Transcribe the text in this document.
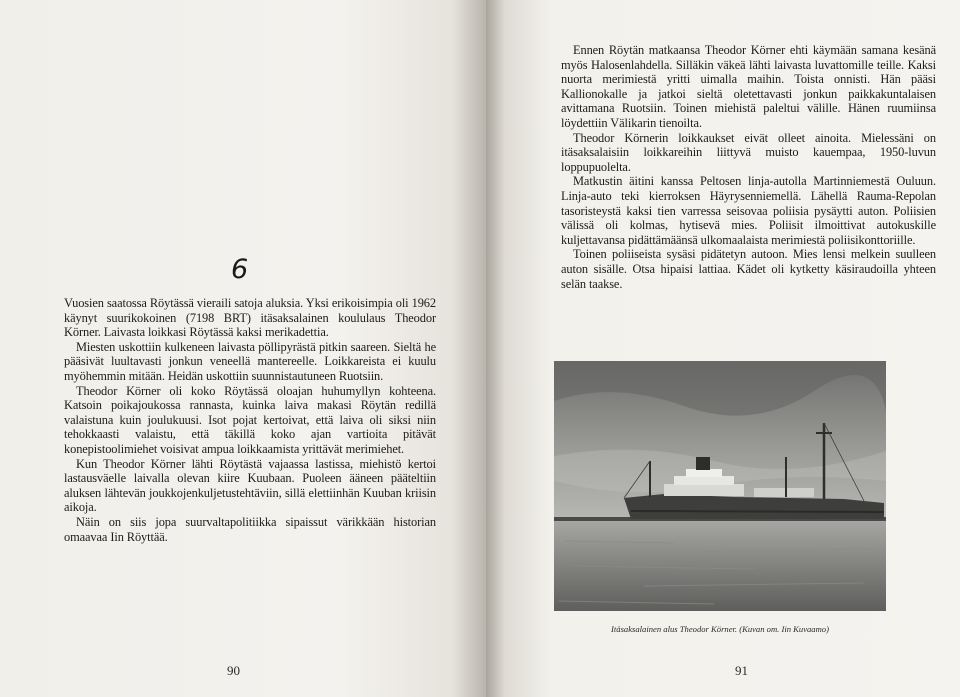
6

Vuosien saatossa Röytässä vieraili satoja aluksia. Yksi erikoisimpia oli 1962 käynyt suurikokoinen (7198 BRT) itäsaksalainen koululaus Theodor Körner. Laivasta loikkasi Röytässä kaksi merikadettia.

Miesten uskottiin kulkeneen laivasta pöllipyrästä pitkin saareen. Sieltä he pääsivät luultavasti jonkun veneellä mantereelle. Loikkareista ei kuulu myöhemmin mitään. Heidän uskottiin suunnistautuneen Ruotsiin.

Theodor Körner oli koko Röytässä oloajan huhumyllyn kohteena. Katsoin poikajoukossa rannasta, kuinka laiva makasi Röytän redillä valaistuna kuin joulukuusi. Isot pojat kertoivat, että laiva oli siksi niin tehokkaasti valaistu, että täkillä koko ajan vartioita pitävät konepistoolimiehet voisivat ampua loikkaamista yrittävät merimiehet.

Kun Theodor Körner lähti Röytästä vajaassa lastissa, miehistö kertoi lastausväelle laivalla olevan kiire Kuubaan. Puoleen ääneen pääteltiin aluksen lähtevän joukkojenkuljetustehtäviin, sillä elettiinhän Kuuban kriisin aikoja.

Näin on siis jopa suurvaltapolitiikka sipaissut värikkään historian omaavaa Iin Röyttää.

90

Ennen Röytän matkaansa Theodor Körner ehti käymään samana kesänä myös Halosenlahdella. Silläkin väkeä lähti laivasta luvattomille teille. Kaksi nuorta merimiestä yritti uimalla maihin. Toista onnisti. Hän pääsi Kallionokalle ja jatkoi sieltä oletettavasti jonkun paikkakuntalaisen avittamana Ruotsiin. Toinen miehistä paleltui välille. Hänen ruumiinsa löydettiin Välikarin tienoilta.

Theodor Körnerin loikkaukset eivät olleet ainoita. Mielessäni on itäsaksalaisiin loikkareihin liittyvä muisto kauempaa, 1950-luvun loppupuolelta.

Matkustin äitini kanssa Peltosen linja-autolla Martinniemestä Ouluun. Linja-auto teki kierroksen Häyrysenniemellä. Lähellä Rauma-Repolan tasoristeystä kaksi tien varressa seisovaa poliisia pysäytti auton. Poliisien välissä oli kolmas, hytisevä mies. Poliisit ilmoittivat autokuskille kuljettavansa pidättämäänsä ulkomaalaista merimiestä poliisikonttoriille.

Toinen poliiseista sysäsi pidätetyn autoon. Mies lensi melkein suulleen auton sisälle. Otsa hipaisi lattiaa. Kädet oli kytketty käsiraudoilla yhteen selän taakse.

Itäsaksalainen alus Theodor Körner. (Kuvan om. Iin Kuvaamo)
91
